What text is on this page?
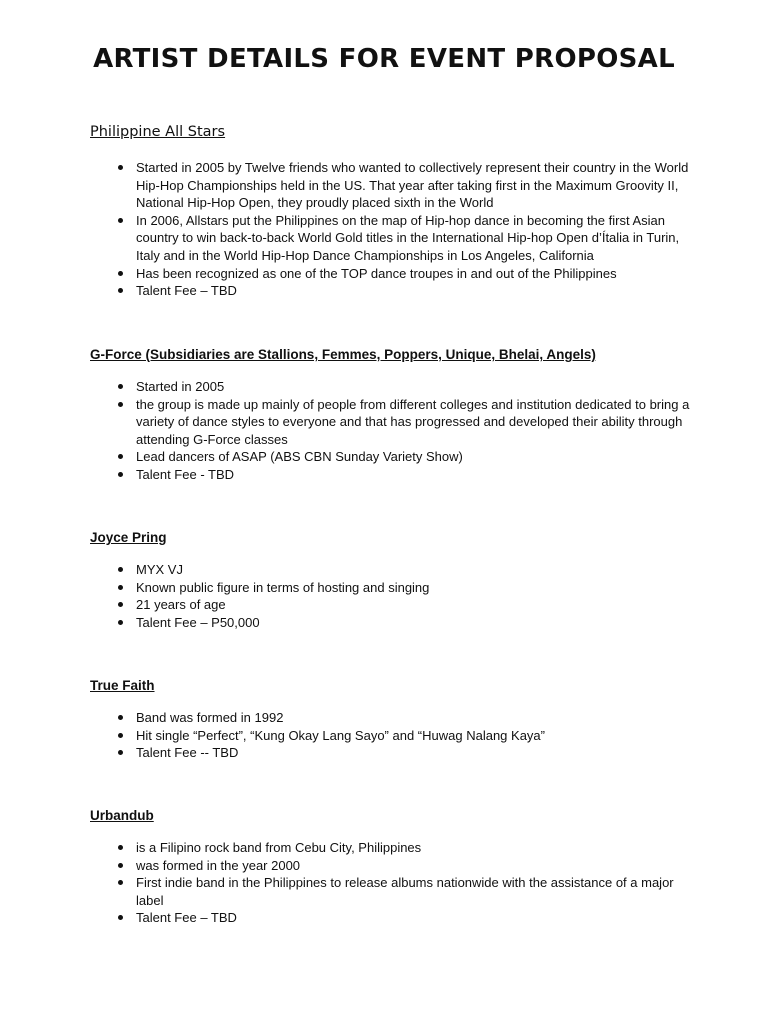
ARTIST DETAILS FOR EVENT PROPOSAL
Philippine All Stars
Started in 2005 by Twelve friends who wanted to collectively represent their country in the World Hip-Hop Championships held in the US. That year after taking first in the Maximum Groovity II, National Hip-Hop Open, they proudly placed sixth in the World
In 2006, Allstars put the Philippines on the map of Hip-hop dance in becoming the first Asian country to win back-to-back World Gold titles in the International Hip-hop Open d’Ítalia in Turin, Italy and in the World Hip-Hop Dance Championships in Los Angeles, California
Has been recognized as one of the TOP dance troupes in and out of the Philippines
Talent Fee – TBD
G-Force (Subsidiaries are Stallions, Femmes, Poppers, Unique, Bhelai, Angels)
Started in 2005
the group is made up mainly of people from different colleges and institution dedicated to bring a variety of dance styles to everyone and that has progressed and developed their ability through attending G-Force classes
Lead dancers of ASAP (ABS CBN Sunday Variety Show)
Talent Fee - TBD
Joyce Pring
MYX VJ
Known public figure in terms of hosting and singing
21 years of age
Talent Fee – P50,000
True Faith
Band was formed in 1992
Hit single “Perfect”, “Kung Okay Lang Sayo” and “Huwag Nalang Kaya”
Talent Fee -- TBD
Urbandub
is a Filipino rock band from Cebu City, Philippines
was formed in the year 2000
First indie band in the Philippines to release albums nationwide with the assistance of a major label
Talent Fee – TBD
